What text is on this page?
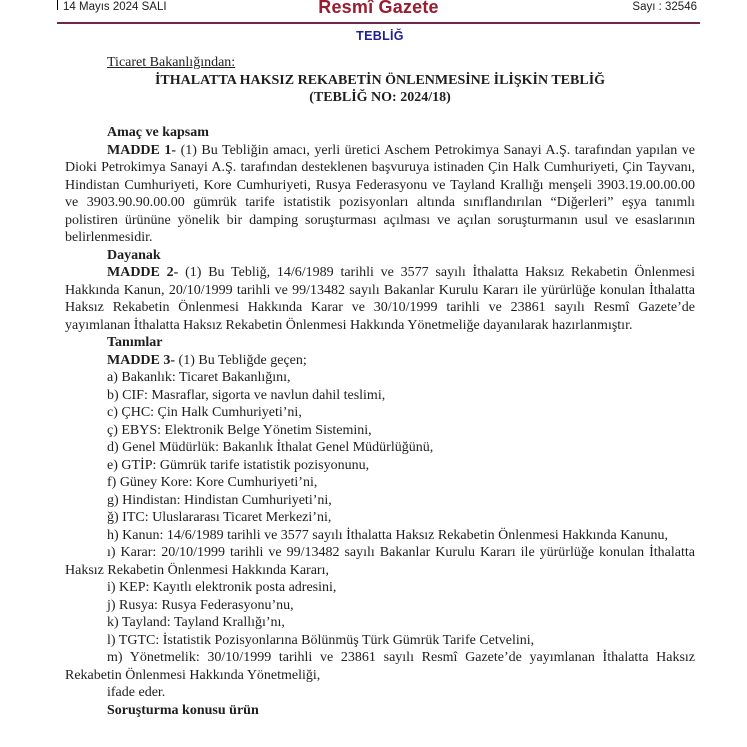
14 Mayıs 2024 SALI	Resmî Gazete	Sayı : 32546
TEBLİĞ

Ticaret Bakanlığından:

İTHALATTA HAKSIZ REKABETİN ÖNLENMESİNE İLİŞKİN TEBLİĞ

(TEBLİĞ NO: 2024/18)

Amaç ve kapsam

MADDE 1- (1) Bu Tebliğin amacı, yerli üretici Aschem Petrokimya Sanayi A.Ş. tarafından yapılan ve Dioki Petrokimya Sanayi A.Ş. tarafından desteklenen başvuruya istinaden Çin Halk Cumhuriyeti, Çin Tayvanı, Hindistan Cumhuriyeti, Kore Cumhuriyeti, Rusya Federasyonu ve Tayland Krallığı menşeli 3903.19.00.00.00 ve 3903.90.90.00.00 gümrük tarife istatistik pozisyonları altında sınıflandırılan “Diğerleri” eşya tanımlı polistiren ürününe yönelik bir damping soruşturması açılması ve açılan soruşturmanın usul ve esaslarının belirlenmesidir.

Dayanak

MADDE 2- (1) Bu Tebliğ, 14/6/1989 tarihli ve 3577 sayılı İthalatta Haksız Rekabetin Önlenmesi Hakkında Kanun, 20/10/1999 tarihli ve 99/13482 sayılı Bakanlar Kurulu Kararı ile yürürlüğe konulan İthalatta Haksız Rekabetin Önlenmesi Hakkında Karar ve 30/10/1999 tarihli ve 23861 sayılı Resmî Gazete’de yayımlanan İthalatta Haksız Rekabetin Önlenmesi Hakkında Yönetmeliğe dayanılarak hazırlanmıştır.

Tanımlar

MADDE 3- (1) Bu Tebliğde geçen;

a) Bakanlık: Ticaret Bakanlığını,

b) CIF: Masraflar, sigorta ve navlun dahil teslimi,

c) ÇHC: Çin Halk Cumhuriyeti’ni,

ç) EBYS: Elektronik Belge Yönetim Sistemini,

d) Genel Müdürlük: Bakanlık İthalat Genel Müdürlüğünü,

e) GTİP: Gümrük tarife istatistik pozisyonunu,

f) Güney Kore: Kore Cumhuriyeti’ni,

g) Hindistan: Hindistan Cumhuriyeti’ni,

ğ) ITC: Uluslararası Ticaret Merkezi’ni,

h) Kanun: 14/6/1989 tarihli ve 3577 sayılı İthalatta Haksız Rekabetin Önlenmesi Hakkında Kanunu,

ı) Karar: 20/10/1999 tarihli ve 99/13482 sayılı Bakanlar Kurulu Kararı ile yürürlüğe konulan İthalatta Haksız Rekabetin Önlenmesi Hakkında Kararı,

i) KEP: Kayıtlı elektronik posta adresini,

j) Rusya: Rusya Federasyonu’nu,

k) Tayland: Tayland Krallığı’nı,

l) TGTC: İstatistik Pozisyonlarına Bölünmüş Türk Gümrük Tarife Cetvelini,

m) Yönetmelik: 30/10/1999 tarihli ve 23861 sayılı Resmî Gazete’de yayımlanan İthalatta Haksız Rekabetin Önlenmesi Hakkında Yönetmeliği,

ifade eder.

Soruşturma konusu ürün
